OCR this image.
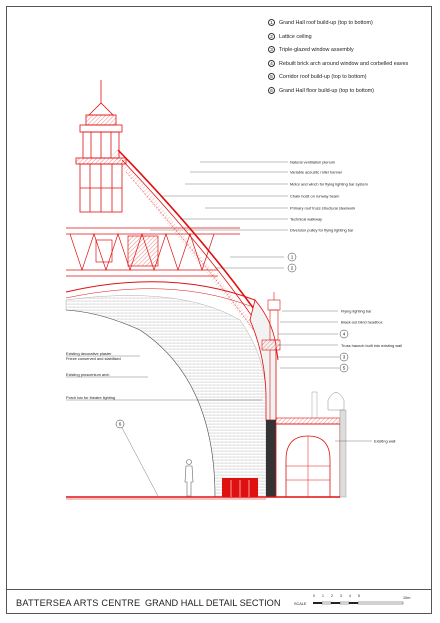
1	Grand Hall roof build-up (top to bottom)
2	Lattice ceiling
3	Triple-glazed window assembly
4	Rebuilt brick arch around window and corbelled eaves
5	Corridor roof build-up (top to bottom)
6	Grand Hall floor build-up (top to bottom)
Natural ventilation plenum
Variable acoustic roller banner
Motor and winch for flying lighting bar system
Chain hoist on runway beam
Primary roof truss structural steelwork
Technical walkway
Diversion pulley for flying lighting bar
Flying lighting bar
Black-out blind headbox
Truss haunch built into existing wall
Existing decorative plaster
Frieze conserved and stabilised
Existing proscenium arch
Porch bar for theatre lighting
Existing wall
1
2
4
3
5
6
BATTERSEA ARTS CENTRE GRAND HALL DETAIL SECTION	SCALE
0 1 2 3 4 5	10m
